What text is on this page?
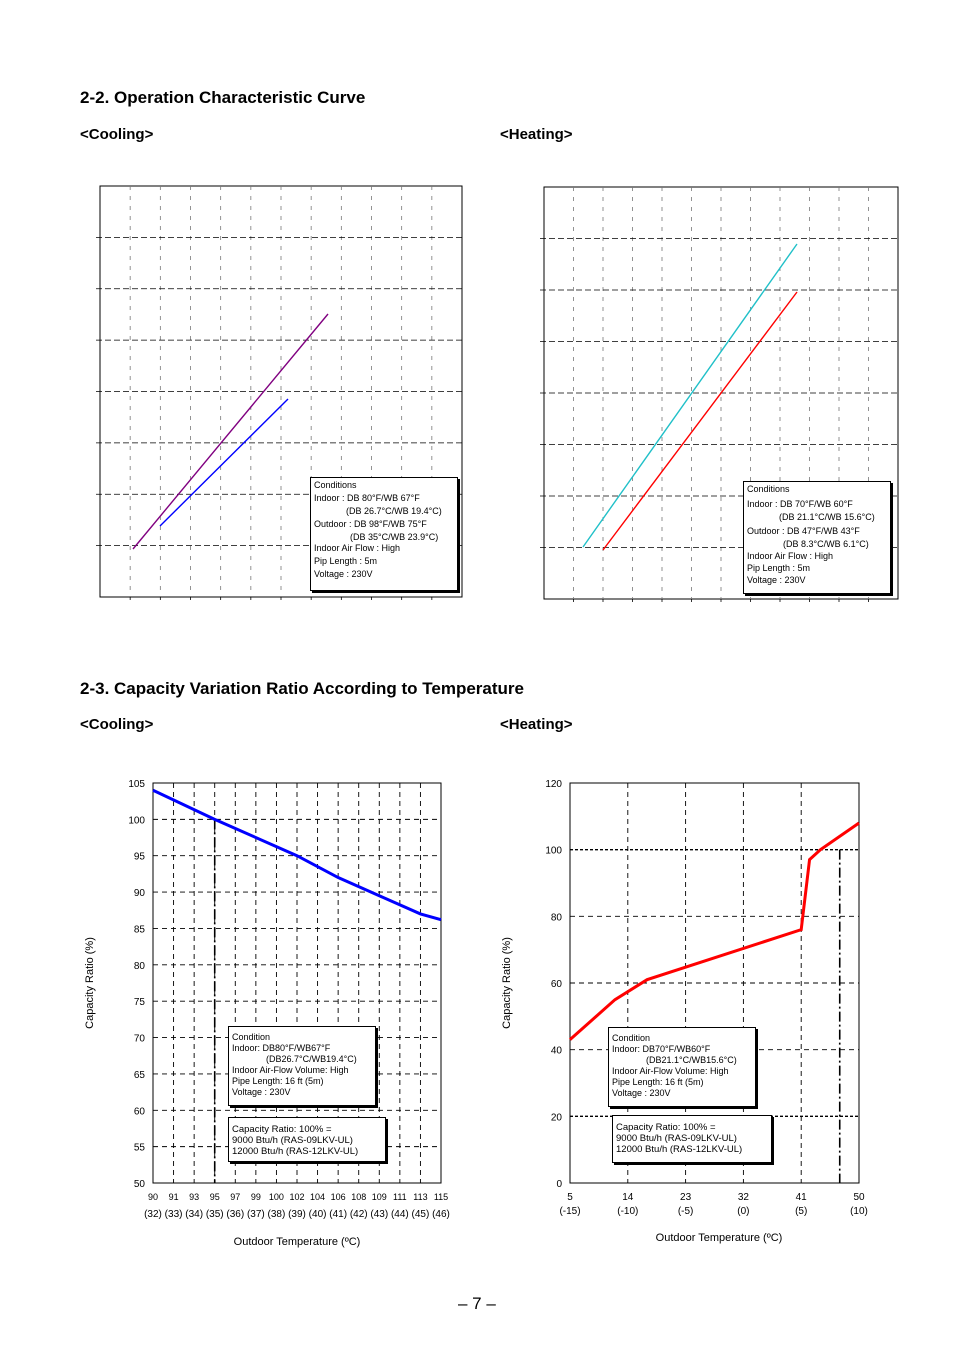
2-2. Operation Characteristic Curve
<Cooling>	<Heating>
Conditions
Indoor : DB 80°F/WB 67°F
(DB 26.7°C/WB 19.4°C)
Outdoor : DB 98°F/WB 75°F
(DB 35°C/WB 23.9°C)
Indoor Air Flow : High
Pip Length : 5m
Voltage : 230V
Conditions
Indoor : DB 70°F/WB 60°F
(DB 21.1°C/WB 15.6°C)
Outdoor : DB 47°F/WB 43°F
(DB 8.3°C/WB 6.1°C)
Indoor Air Flow : High
Pip Length : 5m
Voltage : 230V
2-3. Capacity Variation Ratio According to Temperature
<Cooling>	<Heating>
50
55
60
65
70
75
80
85
90
95
100
105
90 91 93 95 97 99 100 102 104 106 108 109 111 113 115
(32) (33) (34) (35) (36) (37) (38) (39) (40) (41) (42) (43) (44) (45) (46)
5
(-15)
14
(-10)
23
(-5)
32
(0)
41
(5)
50
(10)
0
20
40
60
80
100
120
Capacity Ratio (%)
Outdoor Temperature (ºC)
Capacity Ratio (%)
Outdoor Temperature (ºC)
Condition
Indoor: DB80°F/WB67°F
(DB26.7°C/WB19.4°C)
Indoor Air-Flow Volume: High
Pipe Length: 16 ft (5m)
Voltage : 230V
Capacity Ratio: 100% =
9000 Btu/h (RAS-09LKV-UL)
12000 Btu/h (RAS-12LKV-UL)
Condition
Indoor: DB70°F/WB60°F
(DB21.1°C/WB15.6°C)
Indoor Air-Flow Volume: High
Pipe Length: 16 ft (5m)
Voltage : 230V
Capacity Ratio: 100% =
9000 Btu/h (RAS-09LKV-UL)
12000 Btu/h (RAS-12LKV-UL)
– 7 –
